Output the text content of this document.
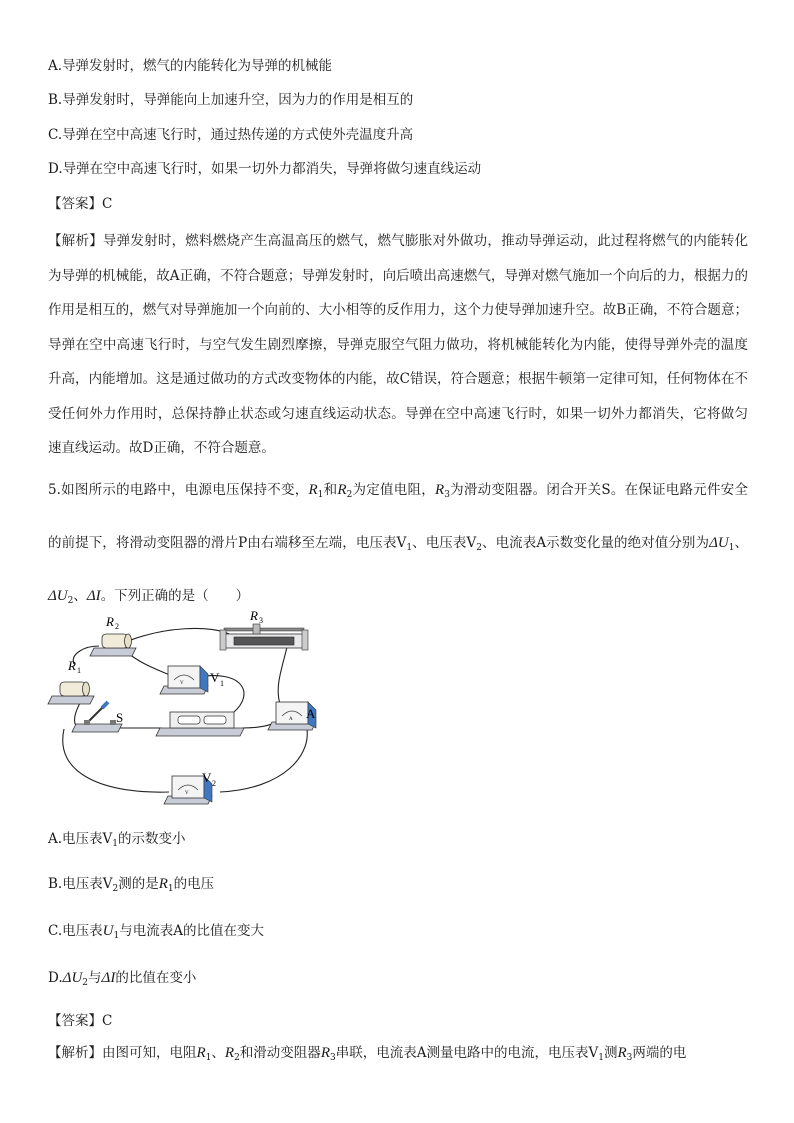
A.导弹发射时，燃气的内能转化为导弹的机械能
B.导弹发射时，导弹能向上加速升空，因为力的作用是相互的
C.导弹在空中高速飞行时，通过热传递的方式使外壳温度升高
D.导弹在空中高速飞行时，如果一切外力都消失，导弹将做匀速直线运动
【答案】C
【解析】导弹发射时，燃料燃烧产生高温高压的燃气，燃气膨胀对外做功，推动导弹运动，此过程将燃气的内能转化为导弹的机械能，故A正确，不符合题意；导弹发射时，向后喷出高速燃气，导弹对燃气施加一个向后的力，根据力的作用是相互的，燃气对导弹施加一个向前的、大小相等的反作用力，这个力使导弹加速升空。故B正确，不符合题意；导弹在空中高速飞行时，与空气发生剧烈摩擦，导弹克服空气阻力做功，将机械能转化为内能，使得导弹外壳的温度升高，内能增加。这是通过做功的方式改变物体的内能，故C错误，符合题意；根据牛顿第一定律可知，任何物体在不受任何外力作用时，总保持静止状态或匀速直线运动状态。导弹在空中高速飞行时，如果一切外力都消失，它将做匀速直线运动。故D正确，不符合题意。
5.如图所示的电路中，电源电压保持不变，$R_1$和$R_2$为定值电阻，$R_3$为滑动变阻器。闭合开关S。在保证电路元件安全的前提下，将滑动变阻器的滑片P由右端移至左端，电压表$V_1$、电压表$V_2$、电流表A示数变化量的绝对值分别为$\Delta U_1$、$\Delta U_2$、ΔI。下列正确的是（　　）
R 2
R 1
R 3
V V 1
S	A A
V
V 2
A.电压表$V_1$的示数变小
B.电压表$V_2$测的是$R_1$的电压
C.电压表$U_1$与电流表A的比值在变大
$D.\Delta U_2$与ΔI的比值在变小
【答案】C
【解析】由图可知，电阻$R_1$、$R_2$和滑动变阻器$R_3$串联，电流表A测量电路中的电流，电压表$V_1$测$R_3$两端的电
